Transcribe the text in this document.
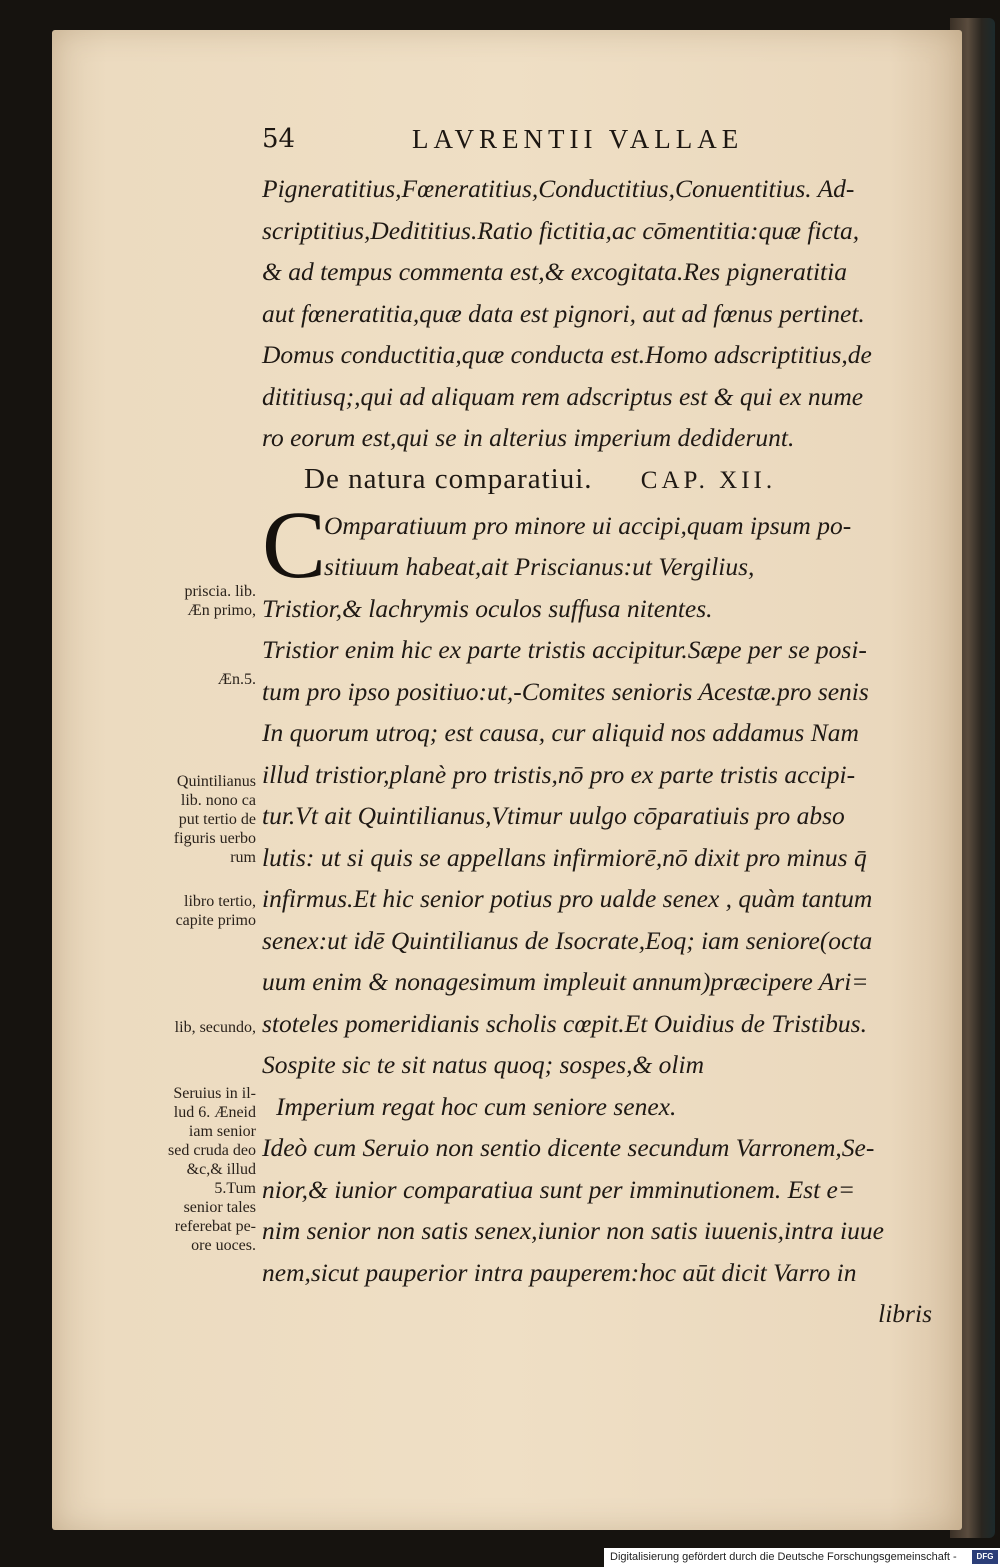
54	LAVRENTII VALLAE
Pigneratitius,Fœneratitius,Conductitius,Conuentitius. Ad-
scriptitius,Dedititius.Ratio fictitia,ac cōmentitia:quæ ficta,
& ad tempus commenta est,& excogitata.Res pigneratitia
aut fœneratitia,quæ data est pignori, aut ad fœnus pertinet.
Domus conductitia,quæ conducta est.Homo adscriptitius,de
dititiusq;,qui ad aliquam rem adscriptus est & qui ex nume
ro eorum est,qui se in alterius imperium dediderunt.
De natura comparatiui. CAP. XII.
C
Omparatiuum pro minore ui accipi,quam ipsum po-
sitiuum habeat,ait Priscianus:ut Vergilius,
Tristior,& lachrymis oculos suffusa nitentes.
Tristior enim hic ex parte tristis accipitur.Sæpe per se posi-
tum pro ipso positiuo:ut,-Comites senioris Acestæ.pro senis
In quorum utroq; est causa, cur aliquid nos addamus Nam
illud tristior,planè pro tristis,nō pro ex parte tristis accipi-
tur.Vt ait Quintilianus,Vtimur uulgo cōparatiuis pro abso
lutis: ut si quis se appellans infirmiorē,nō dixit pro minus q̄
infirmus.Et hic senior potius pro ualde senex , quàm tantum
senex:ut idē Quintilianus de Isocrate,Eoq; iam seniore(octa
uum enim & nonagesimum impleuit annum)præcipere Ari=
stoteles pomeridianis scholis cœpit.Et Ouidius de Tristibus.
Sospite sic te sit natus quoq; sospes,& olim
Imperium regat hoc cum seniore senex.
Ideò cum Seruio non sentio dicente secundum Varronem,Se-
nior,& iunior comparatiua sunt per imminutionem. Est e=
nim senior non satis senex,iunior non satis iuuenis,intra iuue
nem,sicut pauperior intra pauperem:hoc aūt dicit Varro in
libris
priscia. lib.
Æn primo,
Æn.5.
Quintilianus
lib. nono ca
put tertio de
figuris uerbo
rum
libro tertio,
capite primo
lib, secundo,
Seruius in il-
lud 6. Æneid
iam senior
sed cruda deo
&c,& illud
5.Tum
senior tales
referebat pe-
ore uoces.
Digitalisierung gefördert durch die Deutsche Forschungsgemeinschaft -	DFG
